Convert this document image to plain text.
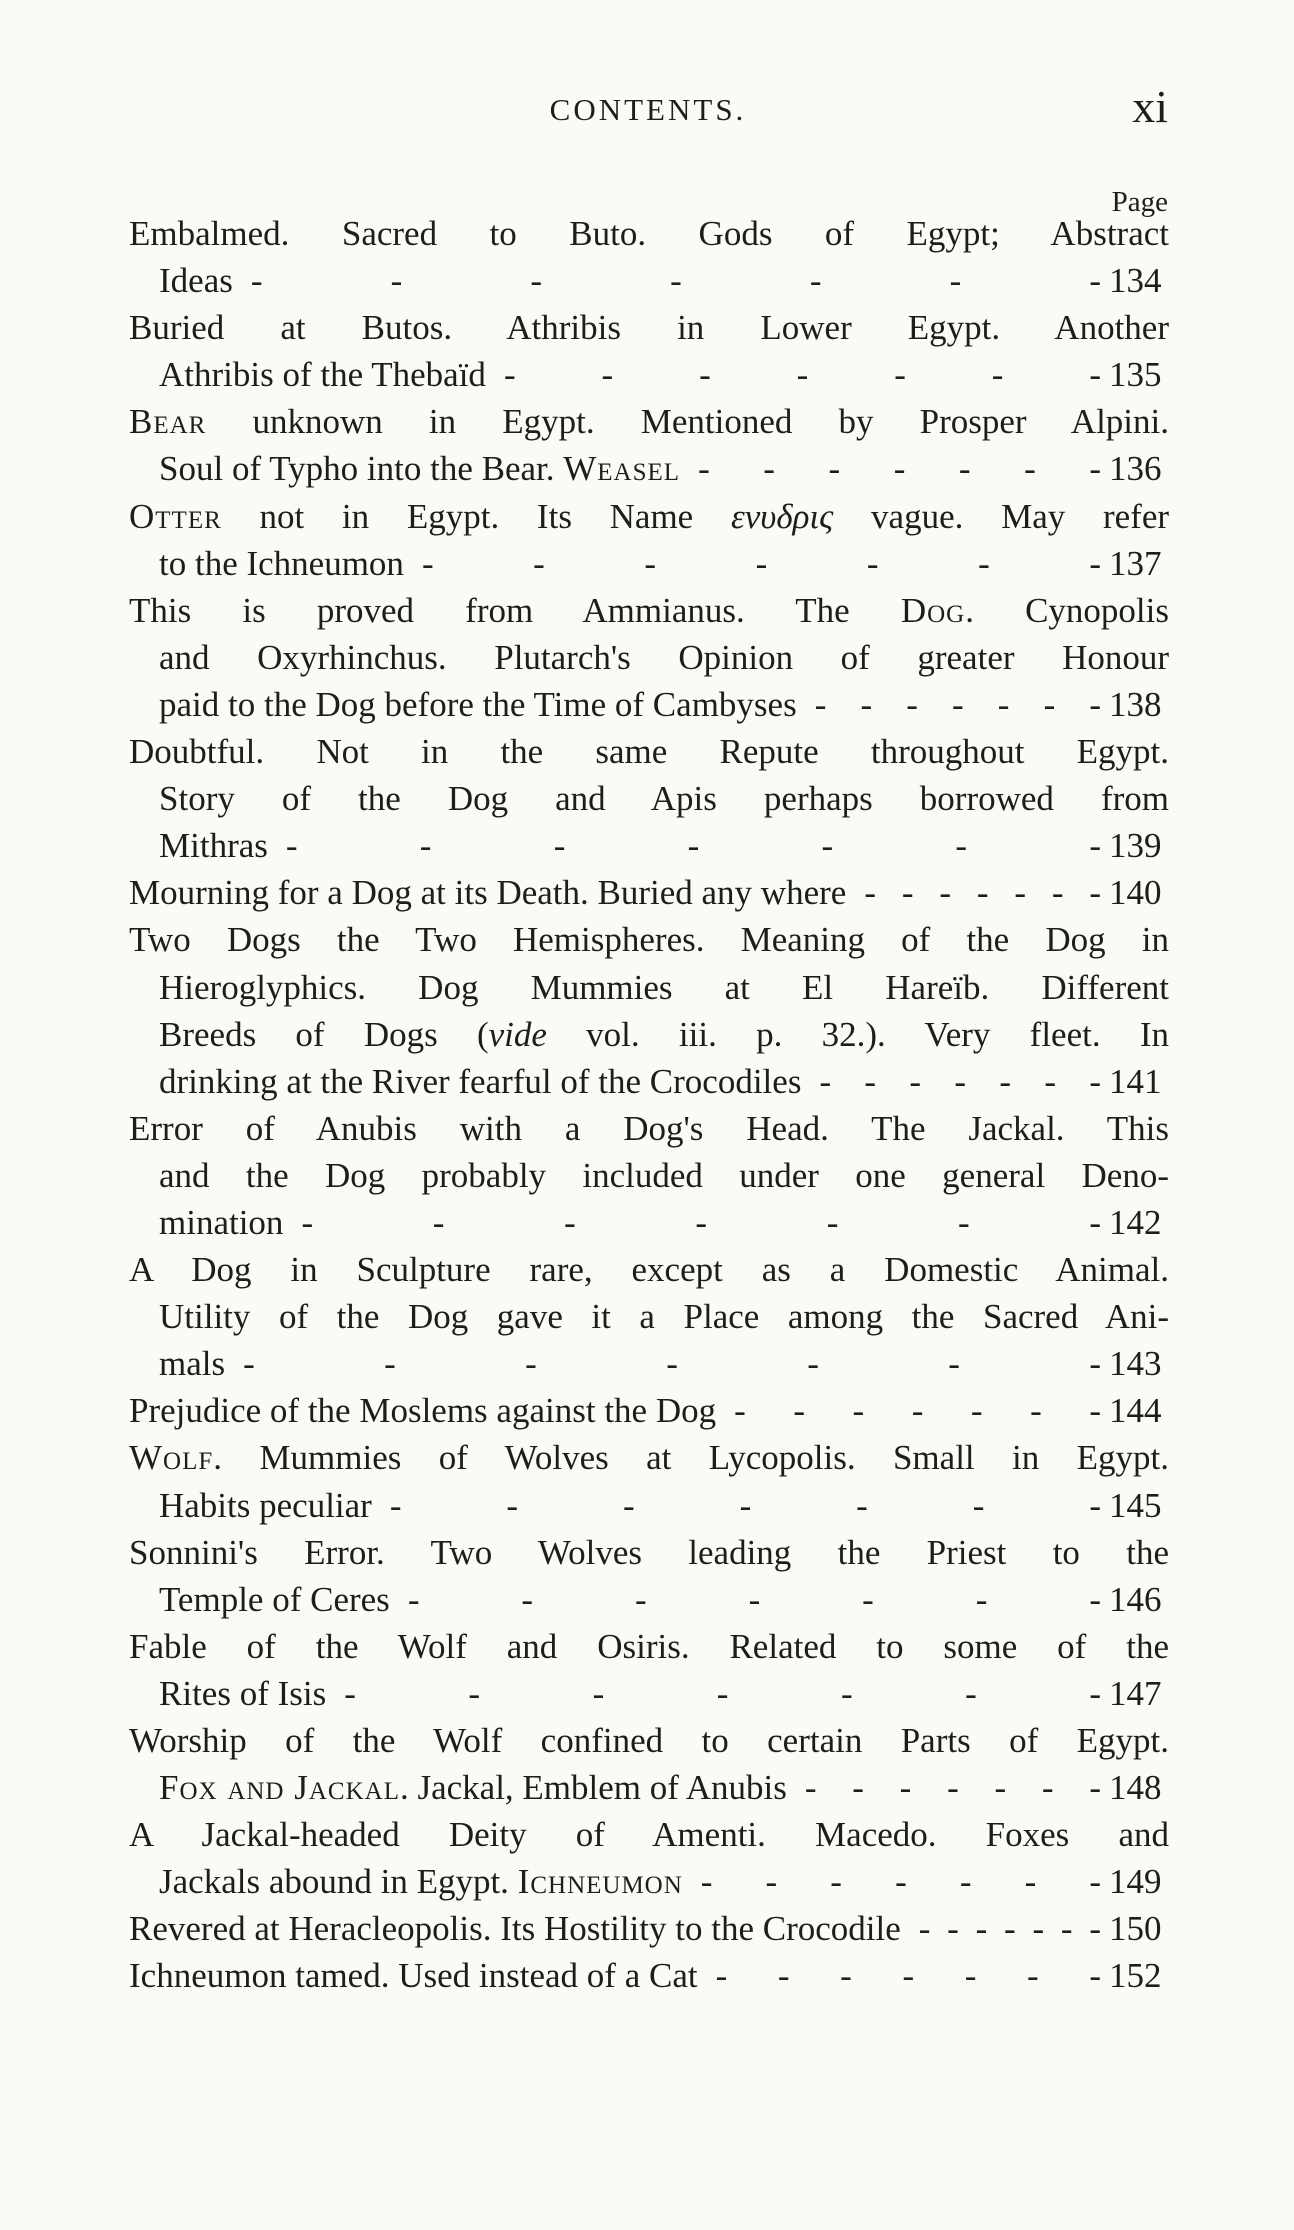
CONTENTS.	xi
Page
Embalmed. Sacred to Buto. Gods of Egypt; Abstract
Ideas - - - - - - - 134
Buried at Butos. Athribis in Lower Egypt. Another
Athribis of the Thebaïd - - - - - - - 135
Bear unknown in Egypt. Mentioned by Prosper Alpini.
Soul of Typho into the Bear. Weasel - - - - - - - 136
Otter not in Egypt. Its Name ενυδρις vague. May refer
to the Ichneumon - - - - - - - 137
This is proved from Ammianus. The Dog. Cynopolis
and Oxyrhinchus. Plutarch's Opinion of greater Honour
paid to the Dog before the Time of Cambyses - - - - - - - 138
Doubtful. Not in the same Repute throughout Egypt.
Story of the Dog and Apis perhaps borrowed from
Mithras - - - - - - - 139
Mourning for a Dog at its Death. Buried any where - - - - - - - 140
Two Dogs the Two Hemispheres. Meaning of the Dog in
Hieroglyphics. Dog Mummies at El Hareïb. Different
Breeds of Dogs (vide vol. iii. p. 32.). Very fleet. In
drinking at the River fearful of the Crocodiles - - - - - - - 141
Error of Anubis with a Dog's Head. The Jackal. This
and the Dog probably included under one general Deno-
mination - - - - - - - 142
A Dog in Sculpture rare, except as a Domestic Animal.
Utility of the Dog gave it a Place among the Sacred Ani-
mals - - - - - - - 143
Prejudice of the Moslems against the Dog - - - - - - - 144
Wolf. Mummies of Wolves at Lycopolis. Small in Egypt.
Habits peculiar - - - - - - - 145
Sonnini's Error. Two Wolves leading the Priest to the
Temple of Ceres - - - - - - - 146
Fable of the Wolf and Osiris. Related to some of the
Rites of Isis - - - - - - - 147
Worship of the Wolf confined to certain Parts of Egypt.
Fox and Jackal. Jackal, Emblem of Anubis - - - - - - - 148
A Jackal-headed Deity of Amenti. Macedo. Foxes and
Jackals abound in Egypt. Ichneumon - - - - - - - 149
Revered at Heracleopolis. Its Hostility to the Crocodile - - - - - - - 150
Ichneumon tamed. Used instead of a Cat - - - - - - - 152
